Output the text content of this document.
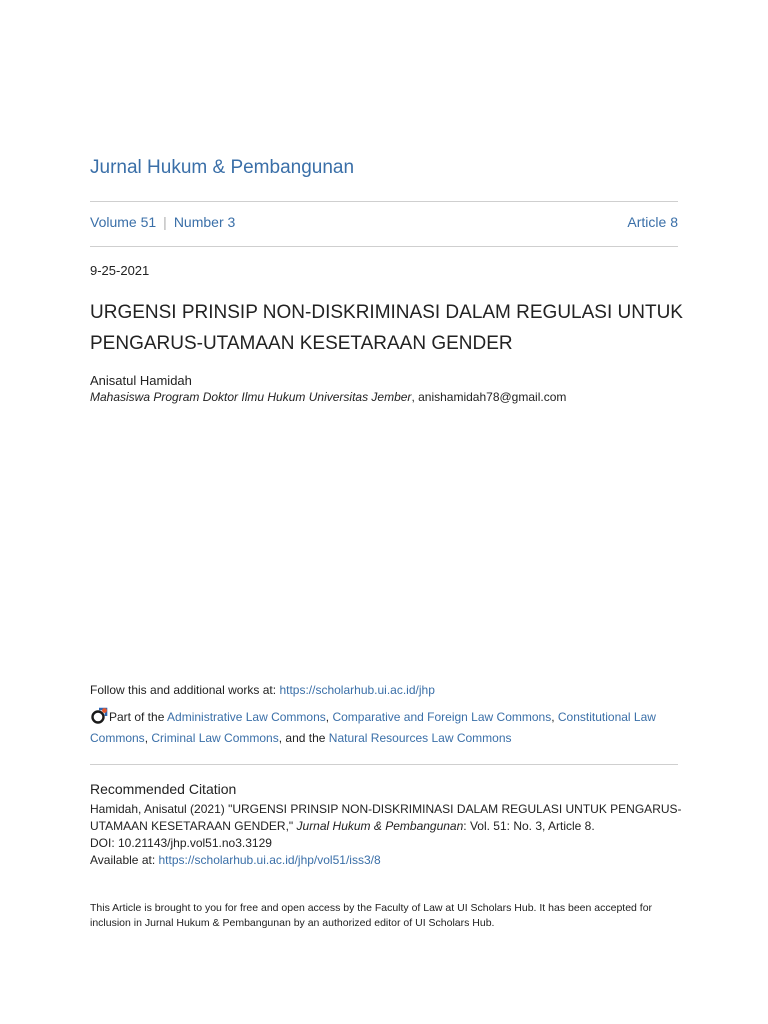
Jurnal Hukum & Pembangunan
Volume 51 | Number 3	Article 8
9-25-2021
URGENSI PRINSIP NON-DISKRIMINASI DALAM REGULASI UNTUK
PENGARUS-UTAMAAN KESETARAAN GENDER
Anisatul Hamidah
Mahasiswa Program Doktor Ilmu Hukum Universitas Jember, anishamidah78@gmail.com
Follow this and additional works at: https://scholarhub.ui.ac.id/jhp
Part of the Administrative Law Commons, Comparative and Foreign Law Commons, Constitutional Law Commons, Criminal Law Commons, and the Natural Resources Law Commons
Recommended Citation
Hamidah, Anisatul (2021) "URGENSI PRINSIP NON-DISKRIMINASI DALAM REGULASI UNTUK PENGARUS-UTAMAAN KESETARAAN GENDER," Jurnal Hukum & Pembangunan: Vol. 51: No. 3, Article 8.
DOI: 10.21143/jhp.vol51.no3.3129
Available at: https://scholarhub.ui.ac.id/jhp/vol51/iss3/8
This Article is brought to you for free and open access by the Faculty of Law at UI Scholars Hub. It has been accepted for inclusion in Jurnal Hukum & Pembangunan by an authorized editor of UI Scholars Hub.
